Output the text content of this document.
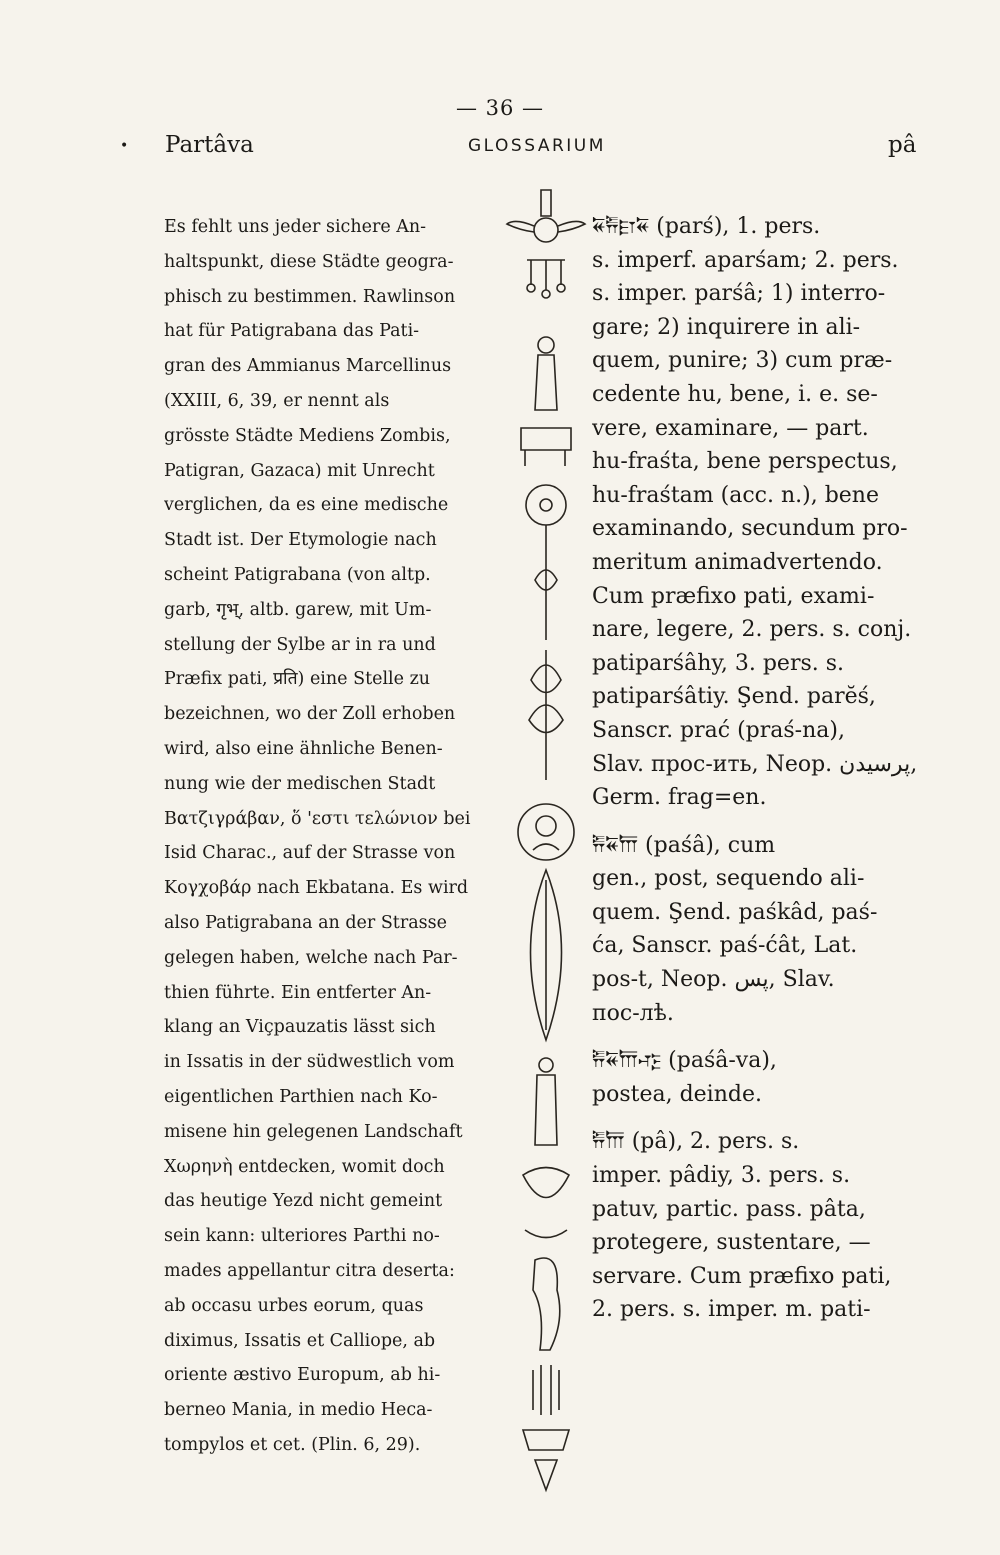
— 36 —
Partâva	GLOSSARIUM	pâ
•
Es fehlt uns jeder sichere An-
haltspunkt, diese Städte geogra-
phisch zu bestimmen. Rawlinson
hat für Patigrabana das Pati-
gran des Ammianus Marcellinus
(XXIII, 6, 39, er nennt als
grösste Städte Mediens Zombis,
Patigran, Gazaca) mit Unrecht
verglichen, da es eine medische
Stadt ist. Der Etymologie nach
scheint Patigrabana (von altp.
garb, गृभ्, altb. garew, mit Um-
stellung der Sylbe ar in ra und
Præfix pati, प्रति) eine Stelle zu
bezeichnen, wo der Zoll erhoben
wird, also eine ähnliche Benen-
nung wie der medischen Stadt
Βατζιγράβαν, ὅ 'εστι τελώνιον bei
Isid Charac., auf der Strasse von
Κογχοβάρ nach Ekbatana. Es wird
also Patigrabana an der Strasse
gelegen haben, welche nach Par-
thien führte. Ein entferter An-
klang an Viçpauzatis lässt sich
in Issatis in der südwestlich vom
eigentlichen Parthien nach Ko-
misene hin gelegenen Landschaft
Χωρηνὴ entdecken, womit doch
das heutige Yezd nicht gemeint
sein kann: ulteriores Parthi no-
mades appellantur citra deserta:
ab occasu urbes eorum, quas
diximus, Issatis et Calliope, ab
oriente æstivo Europum, ab hi-
berneo Mania, in medio Heca-
tompylos et cet. (Plin. 6, 29).
𐏁𐎱𐎼𐏁 (parś), 1. pers.
s. imperf. aparśam; 2. pers.
s. imper. parśâ; 1) interro-
gare; 2) inquirere in ali-
quem, punire; 3) cum præ-
cedente hu, bene, i. e. se-
vere, examinare, — part.
hu-fraśta, bene perspectus,
hu-fraśtam (acc. n.), bene
examinando, secundum pro-
meritum animadvertendo.
Cum præfixo pati, exami-
nare, legere, 2. pers. s. conj.
patiparśâhy, 3. pers. s.
patiparśâtiy. Şend. parĕś,
Sanscr. prać (praś-na),
Slav. прос-ить, Neop. پرسیدن,
Germ. frag=en.
𐎱𐏁𐎠 (paśâ), cum
gen., post, sequendo ali-
quem. Şend. paśkâd, paś-
ća, Sanscr. paś-ćât, Lat.
pos-t, Neop. پس, Slav.
пос-лѣ.
𐎱𐏁𐎠𐎺 (paśâ-va),
postea, deinde.
𐎱𐎠 (pâ), 2. pers. s.
imper. pâdiy, 3. pers. s.
patuv, partic. pass. pâta,
protegere, sustentare, —
servare. Cum præfixo pati,
2. pers. s. imper. m. pati-
